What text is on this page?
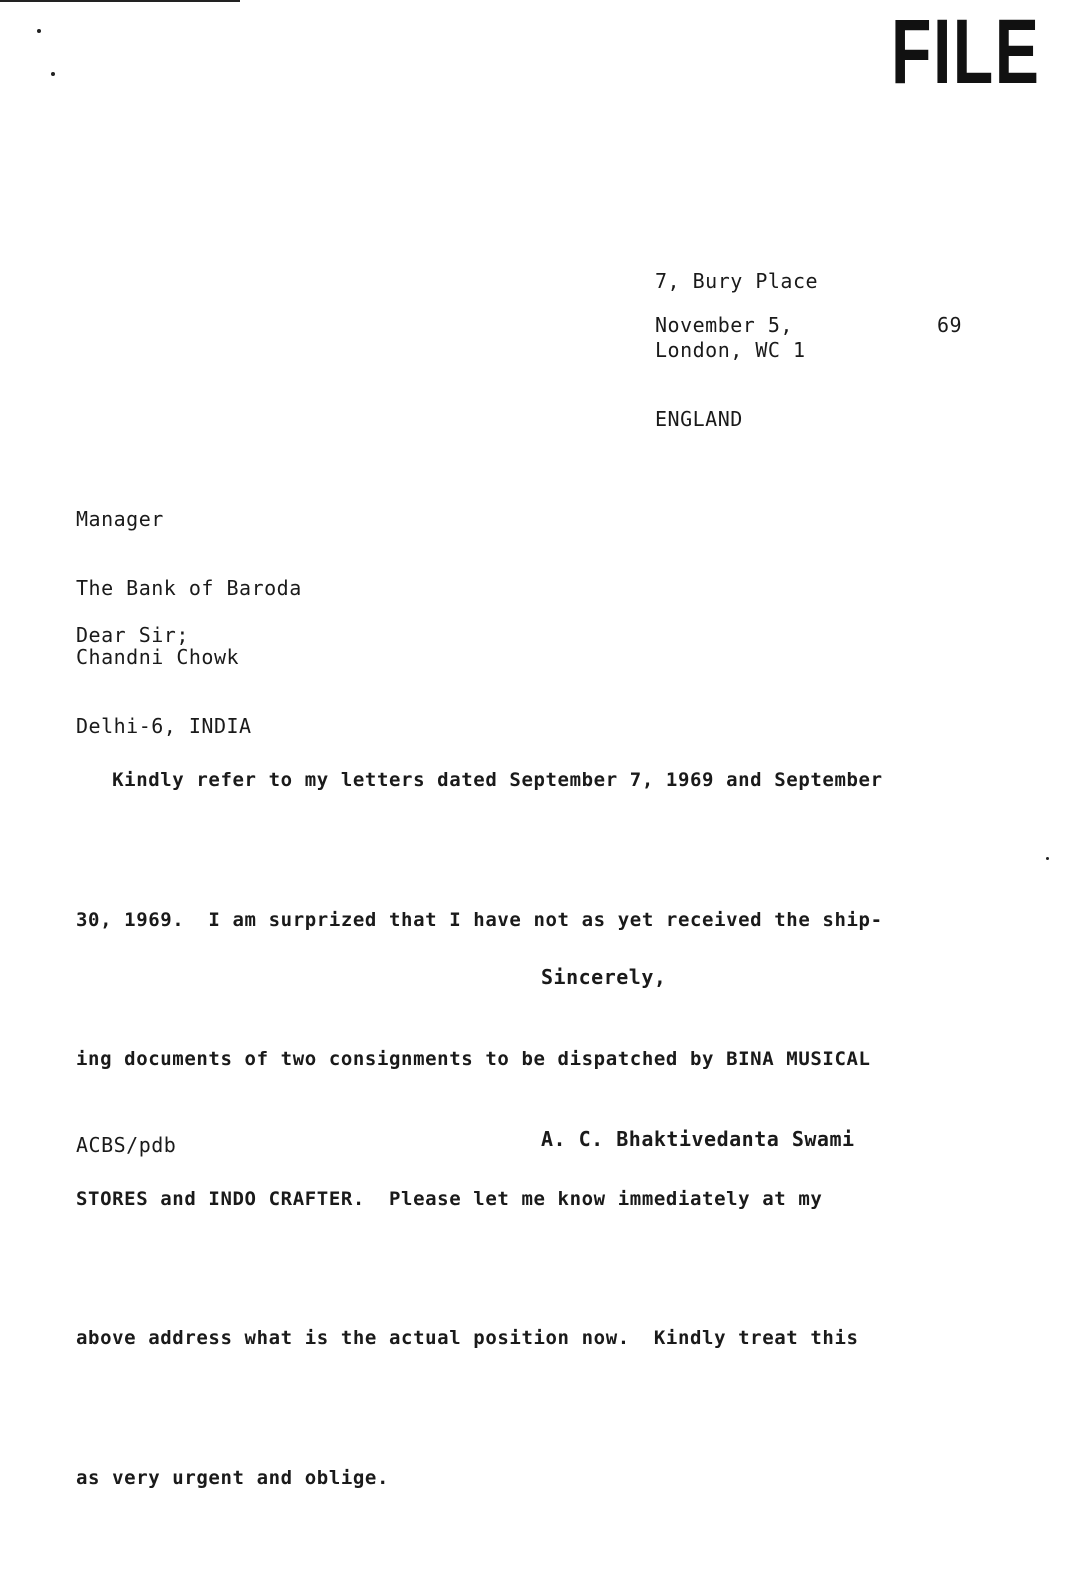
FILE

7, Bury Place

London, WC 1

ENGLAND

November 5,

	69

Manager

The Bank of Baroda

Chandni Chowk

Delhi-6, INDIA

Dear Sir;

Kindly refer to my letters dated September 7, 1969 and September

30, 1969.  I am surprized that I have not as yet received the ship-

ing documents of two consignments to be dispatched by BINA MUSICAL

STORES and INDO CRAFTER.  Please let me know immediately at my

above address what is the actual position now.  Kindly treat this

as very urgent and oblige.

Sincerely,
A. C. Bhaktivedanta Swami
ACBS/pdb
